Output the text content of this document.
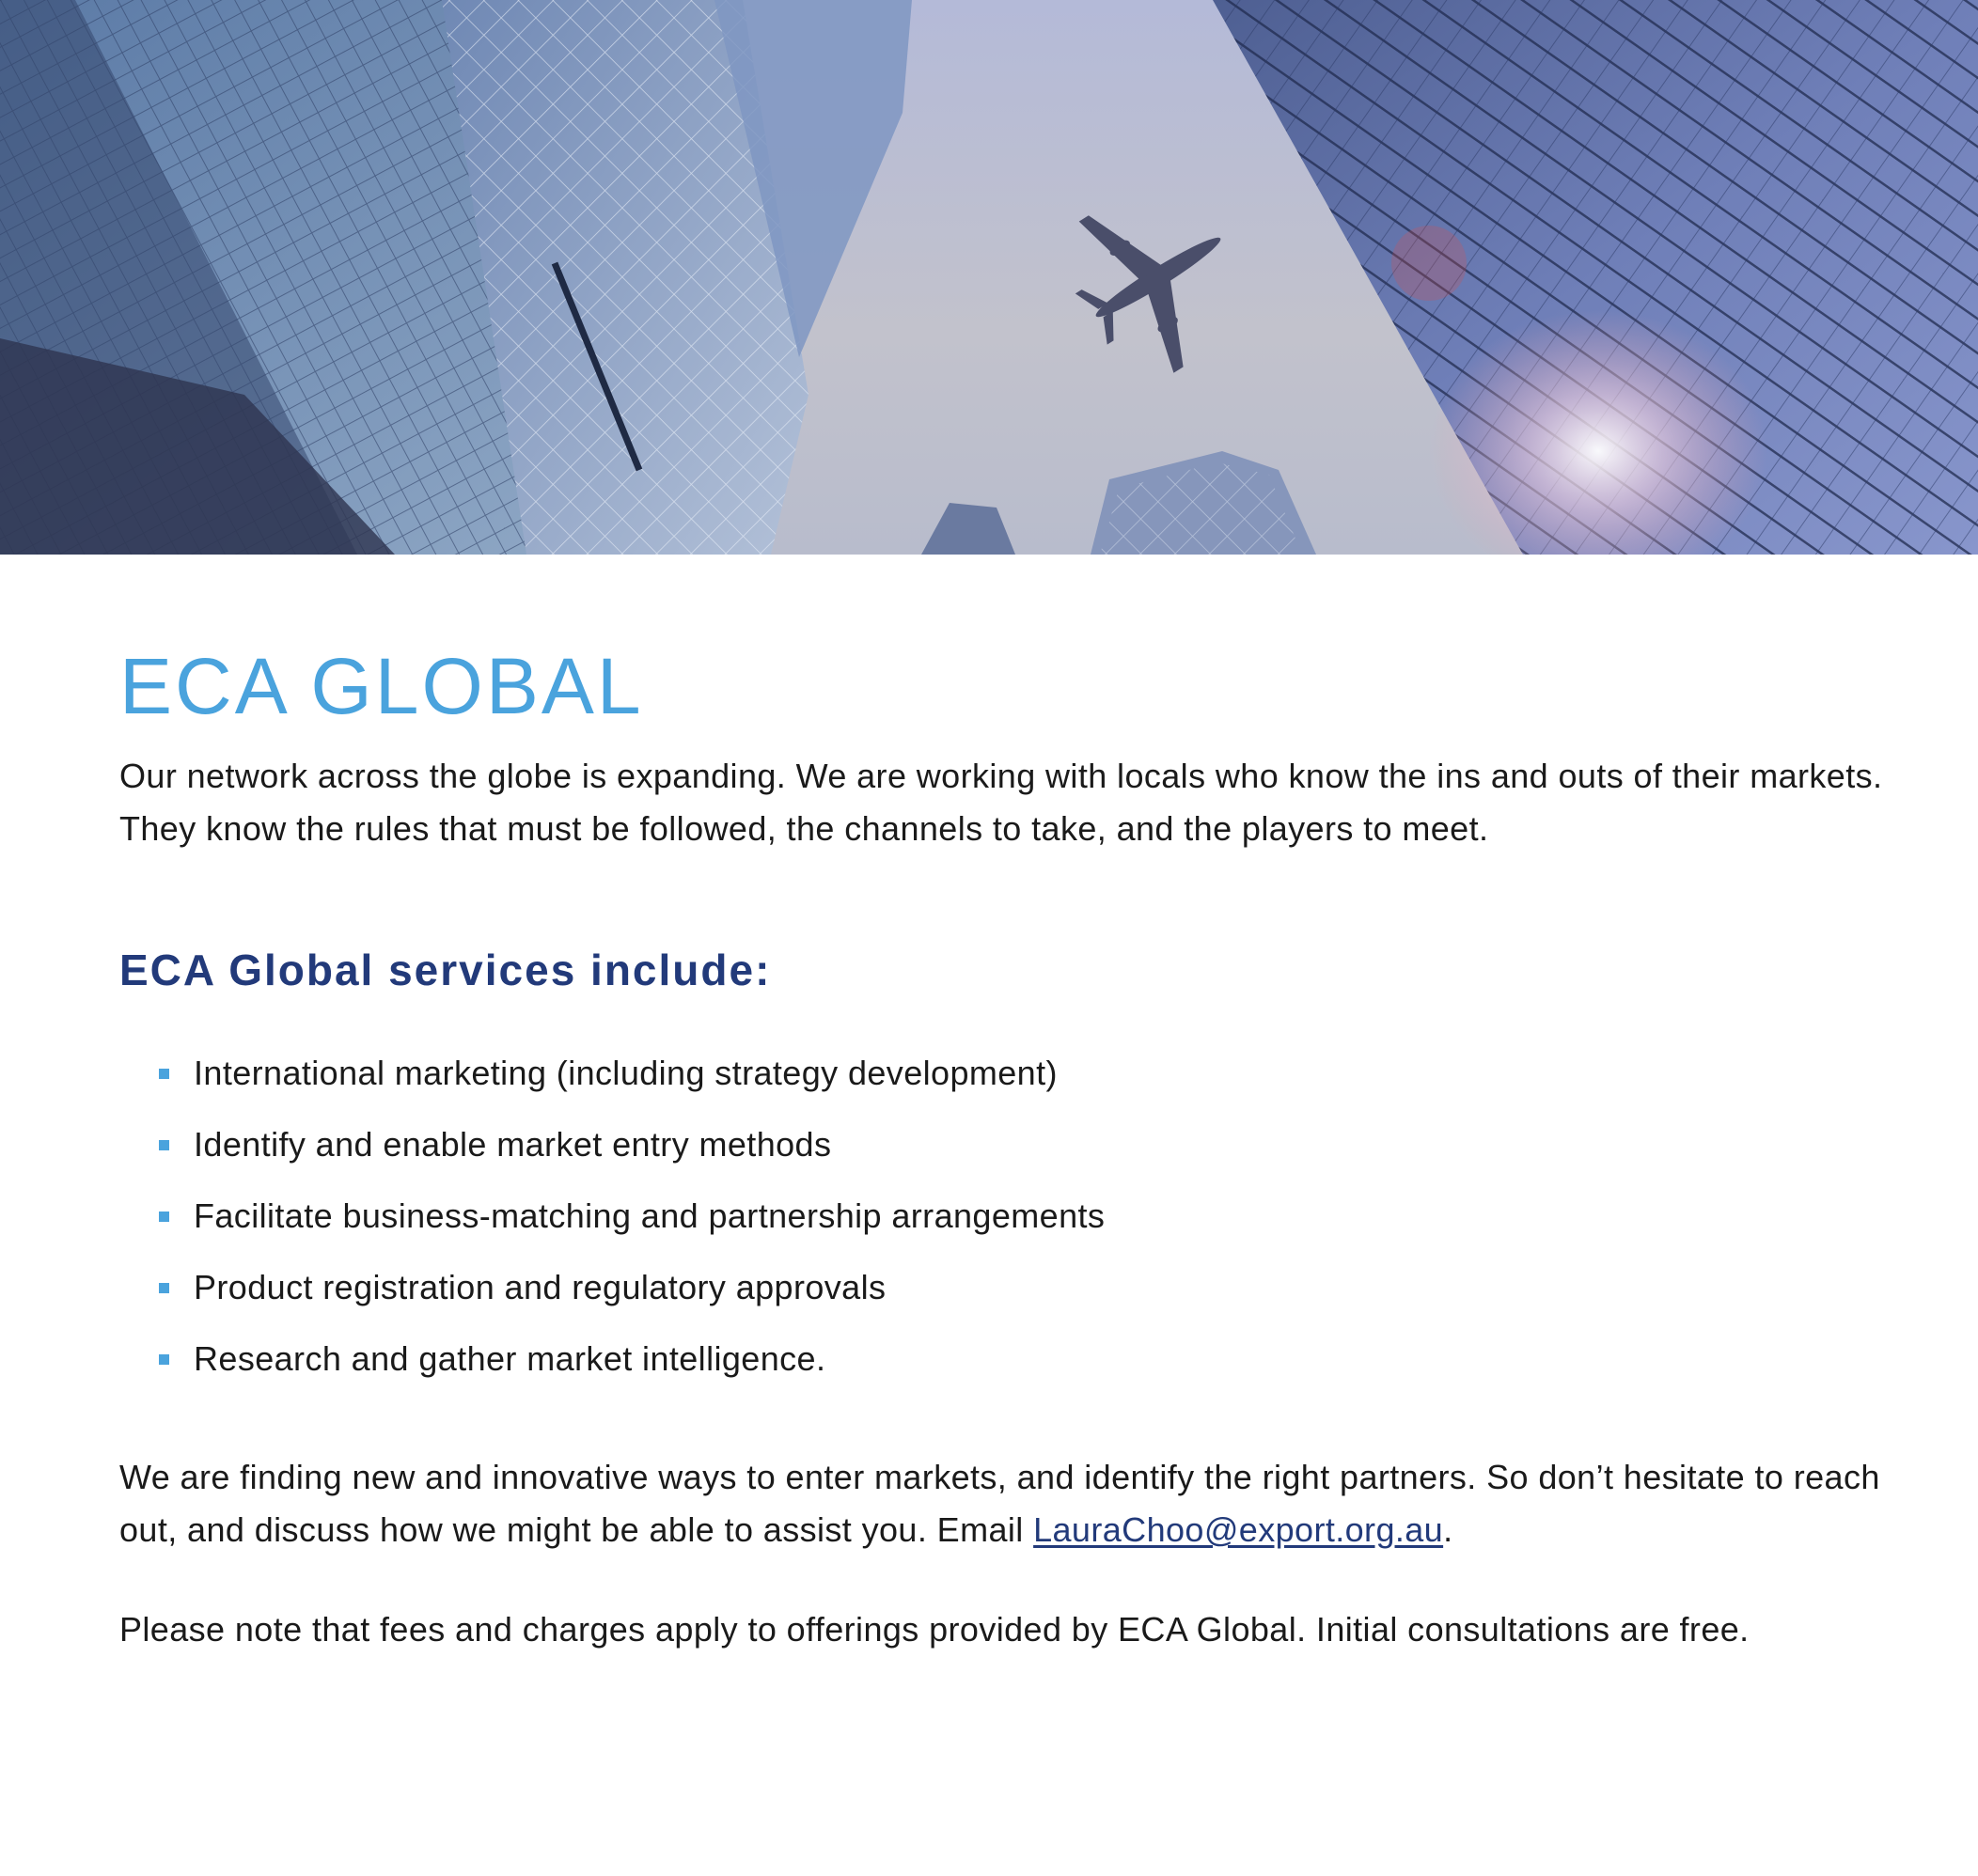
ECA GLOBAL

Our network across the globe is expanding. We are working with locals who know the ins and outs of their markets. They know the rules that must be followed, the channels to take, and the players to meet.

ECA Global services include:
International marketing (including strategy development)
Identify and enable market entry methods
Facilitate business-matching and partnership arrangements
Product registration and regulatory approvals
Research and gather market intelligence.

We are finding new and innovative ways to enter markets, and identify the right partners. So don’t hesitate to reach out, and discuss how we might be able to assist you. Email LauraChoo@export.org.au.

Please note that fees and charges apply to offerings provided by ECA Global. Initial consultations are free.
